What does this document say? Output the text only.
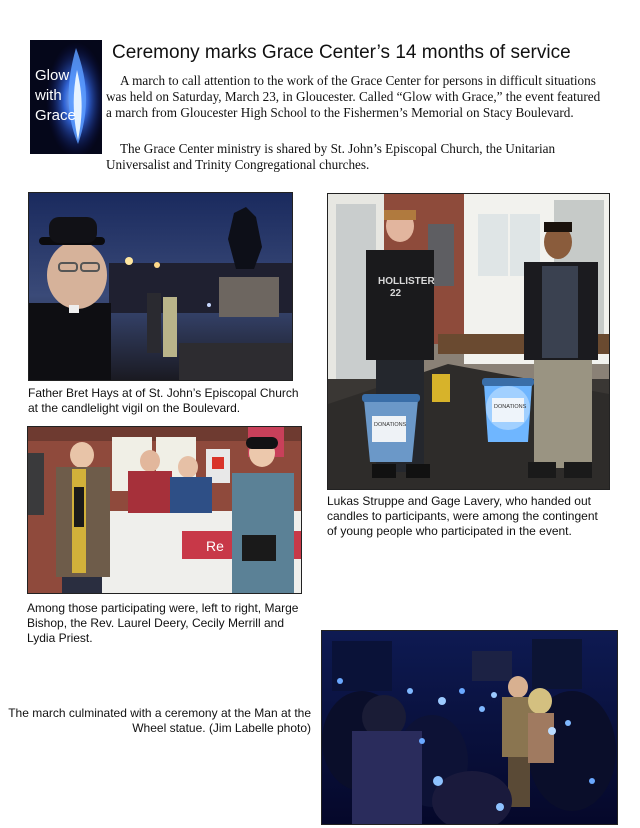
Glow
with
Grace
Ceremony marks Grace Center’s 14 months of service
A march to call attention to the work of the Grace Center for persons in difficult situations was held on Saturday, March 23, in Gloucester. Called “Glow with Grace,” the event featured a march from Gloucester High School to the Fishermen’s Memorial on Stacy Boulevard.
The Grace Center ministry is shared by St. John’s Episcopal Church, the Unitarian Universalist and Trinity Congregational churches.
Father Bret Hays at of St. John’s Episcopal Church at the candlelight vigil on the Boulevard.
HOLLISTER
22
DONATIONS
DONATIONS
Lukas Struppe and Gage Lavery, who handed out candles to participants, were among the contingent of young people who participated in the event.
Re
Among those participating were, left to right, Marge Bishop, the Rev. Laurel Deery, Cecily Merrill and Lydia Priest.
The march culminated with a ceremony at the Man at the Wheel statue. (Jim Labelle photo)
